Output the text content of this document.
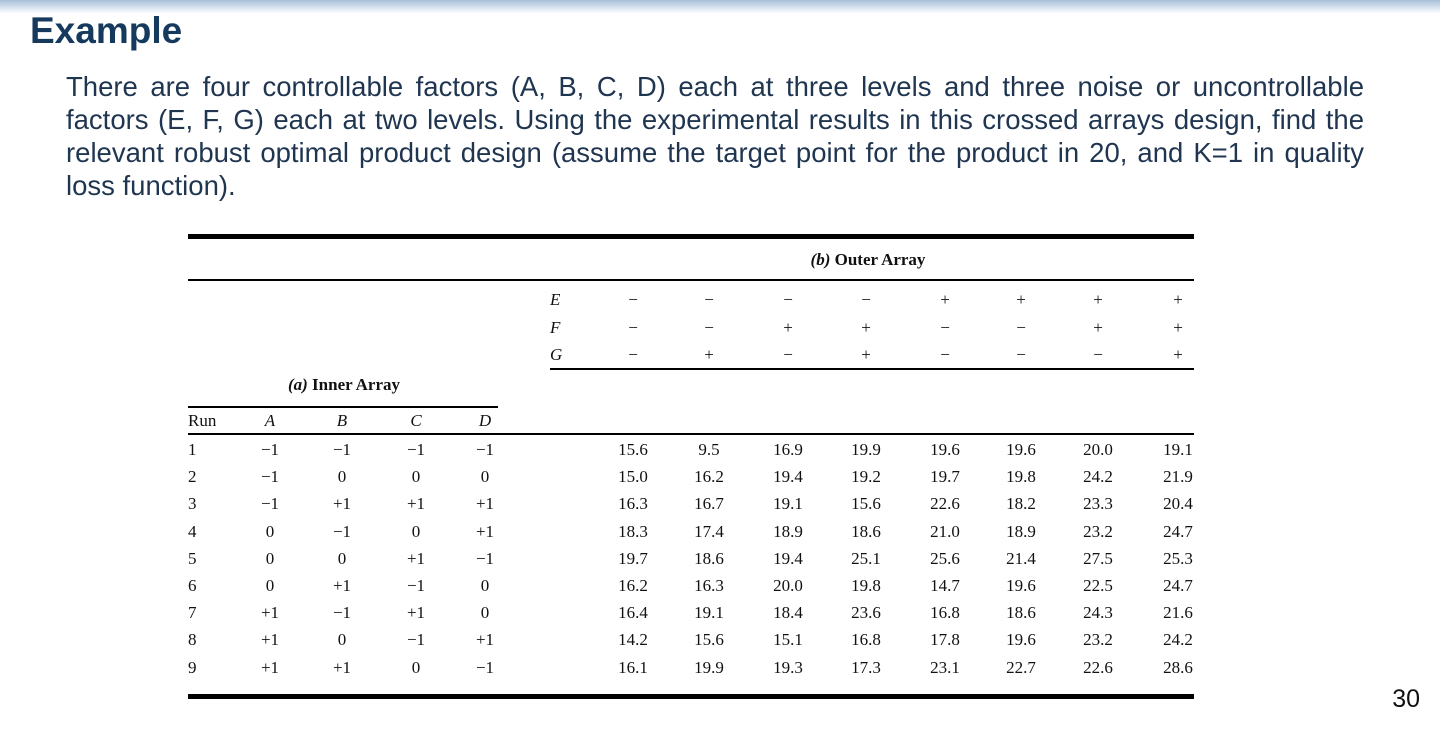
Example

There are four controllable factors (A, B, C, D) each at three levels and three noise or uncontrollable factors (E, F, G) each at two levels. Using the experimental results in this crossed arrays design, find the relevant robust optimal product design (assume the target point for the product in 20, and K=1 in quality loss function).

(b) Outer Array
(a) Inner Array
E	−	−	−	−	+	+	+	+
F	−	−	+	+	−	−	+	+
G	−	+	−	+	−	−	−	+
Run	A	B	C	D
1	−1	−1	−1	−1	15.6	9.5	16.9	19.9	19.6	19.6	20.0	19.1
2	−1	0	0	0	15.0	16.2	19.4	19.2	19.7	19.8	24.2	21.9
3	−1	+1	+1	+1	16.3	16.7	19.1	15.6	22.6	18.2	23.3	20.4
4	0	−1	0	+1	18.3	17.4	18.9	18.6	21.0	18.9	23.2	24.7
5	0	0	+1	−1	19.7	18.6	19.4	25.1	25.6	21.4	27.5	25.3
6	0	+1	−1	0	16.2	16.3	20.0	19.8	14.7	19.6	22.5	24.7
7	+1	−1	+1	0	16.4	19.1	18.4	23.6	16.8	18.6	24.3	21.6
8	+1	0	−1	+1	14.2	15.6	15.1	16.8	17.8	19.6	23.2	24.2
9	+1	+1	0	−1	16.1	19.9	19.3	17.3	23.1	22.7	22.6	28.6
30
